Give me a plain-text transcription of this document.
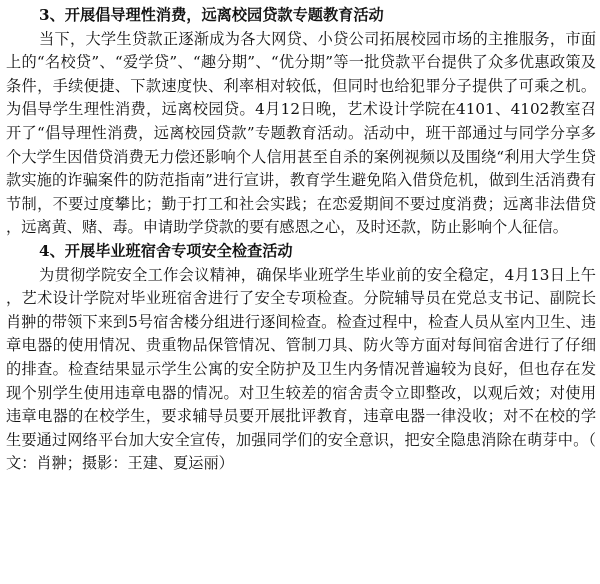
3、开展倡导理性消费，远离校园贷款专题教育活动

当下，大学生贷款正逐渐成为各大网贷、小贷公司拓展校园市场的主推服务，市面上的“名校贷”、“爱学贷”、“趣分期”、“优分期”等一批贷款平台提供了众多优惠政策及条件，手续便捷、下款速度快、利率相对较低，但同时也给犯罪分子提供了可乘之机。为倡导学生理性消费，远离校园贷。4月12日晚，艺术设计学院在4101、4102教室召开了“倡导理性消费，远离校园贷款”专题教育活动。活动中，班干部通过与同学分享多个大学生因借贷消费无力偿还影响个人信用甚至自杀的案例视频以及围绕“利用大学生贷款实施的诈骗案件的防范指南”进行宣讲，教育学生避免陷入借贷危机，做到生活消费有节制，不要过度攀比；勤于打工和社会实践；在恋爱期间不要过度消费；远离非法借贷，远离黄、赌、毒。申请助学贷款的要有感恩之心，及时还款，防止影响个人征信。

4、开展毕业班宿舍专项安全检查活动

为贯彻学院安全工作会议精神，确保毕业班学生毕业前的安全稳定，4月13日上午，艺术设计学院对毕业班宿舍进行了安全专项检查。分院辅导员在党总支书记、副院长肖翀的带领下来到5号宿舍楼分组进行逐间检查。检查过程中，检查人员从室内卫生、违章电器的使用情况、贵重物品保管情况、管制刀具、防火等方面对每间宿舍进行了仔细的排查。检查结果显示学生公寓的安全防护及卫生内务情况普遍较为良好，但也存在发现个别学生使用违章电器的情况。对卫生较差的宿舍责令立即整改，以观后效；对使用违章电器的在校学生，要求辅导员要开展批评教育，违章电器一律没收；对不在校的学生要通过网络平台加大安全宣传，加强同学们的安全意识，把安全隐患消除在萌芽中。（文：肖翀；摄影：王建、夏运丽）
